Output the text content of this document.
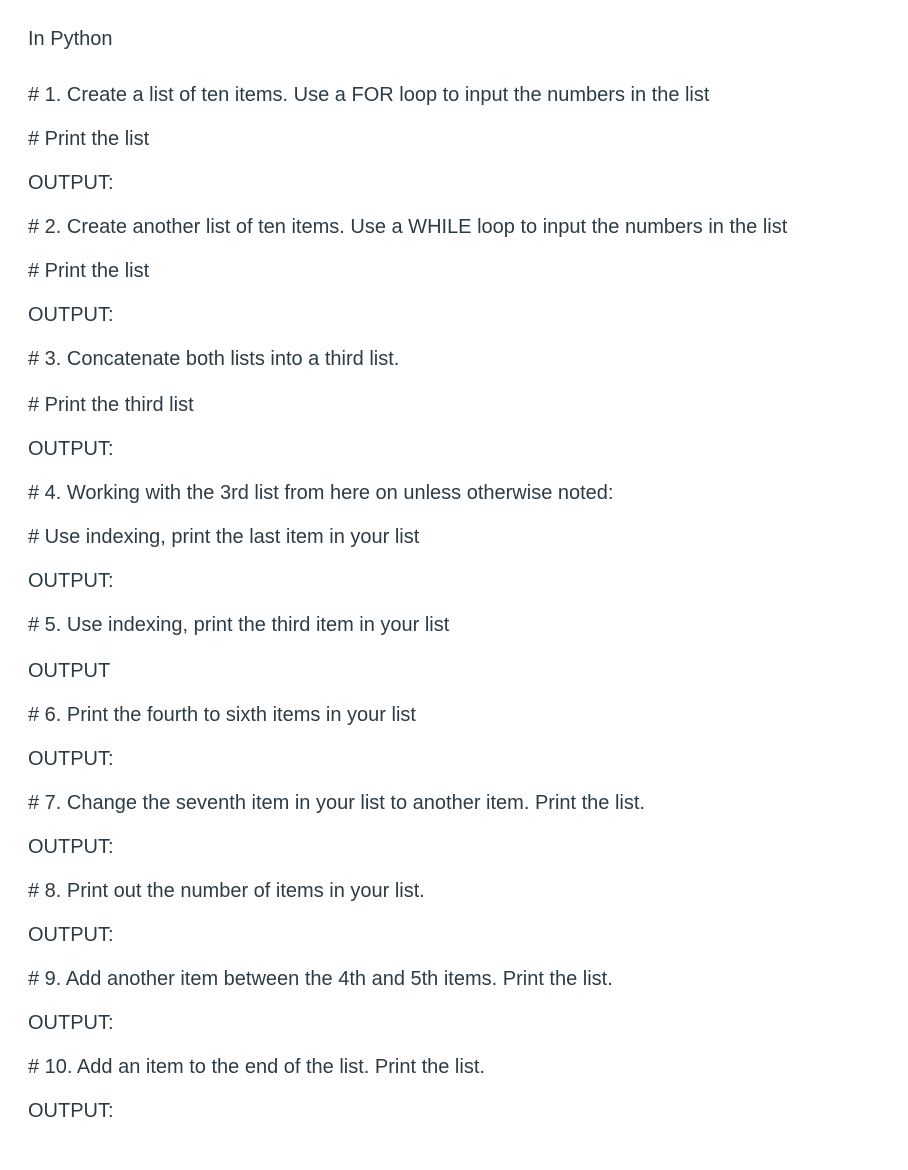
In Python

# 1. Create a list of ten items. Use a FOR loop to input the numbers in the list

# Print the list

OUTPUT:

# 2. Create another list of ten items. Use a WHILE loop to input the numbers in the list

# Print the list

OUTPUT:

# 3. Concatenate both lists into a third list.

# Print the third list

OUTPUT:

# 4. Working with the 3rd list from here on unless otherwise noted:

# Use indexing, print the last item in your list

OUTPUT:

# 5. Use indexing, print the third item in your list

OUTPUT

# 6. Print the fourth to sixth items in your list

OUTPUT:

# 7. Change the seventh item in your list to another item. Print the list.

OUTPUT:

# 8. Print out the number of items in your list.

OUTPUT:

# 9. Add another item between the 4th and 5th items. Print the list.

OUTPUT:

# 10. Add an item to the end of the list. Print the list.

OUTPUT:
